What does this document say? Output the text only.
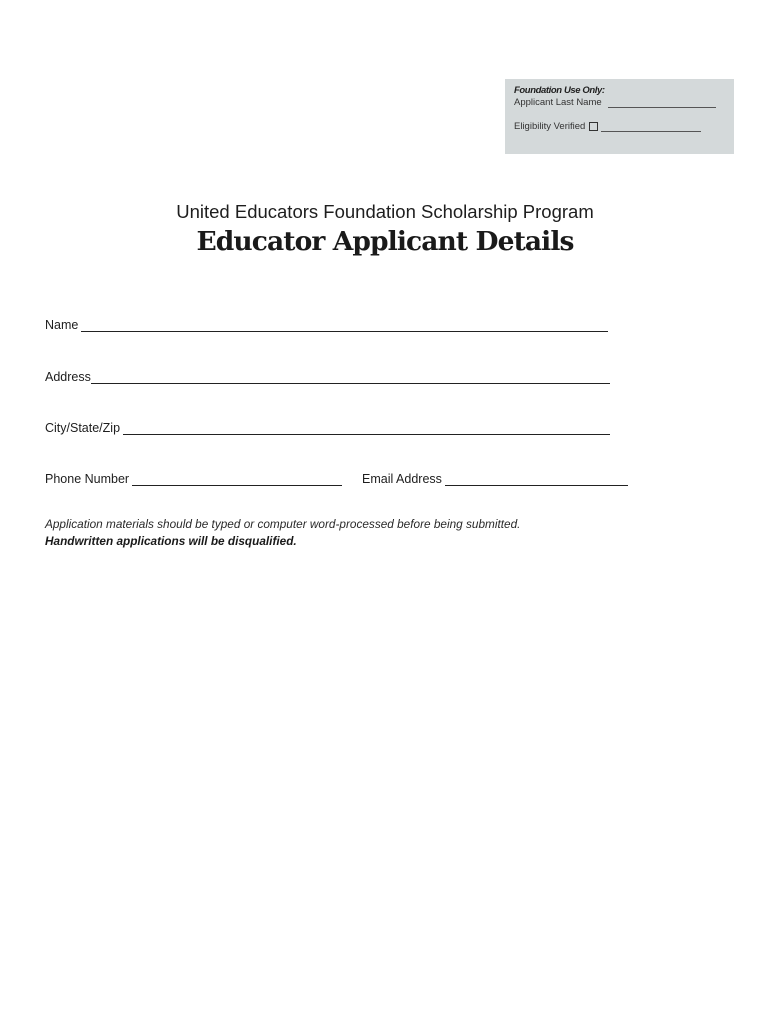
Foundation Use Only:
Applicant Last Name
Eligibility Verified
United Educators Foundation Scholarship Program
Educator Applicant Details
Name
Address
City/State/Zip
Phone Number	Email Address
Application materials should be typed or computer word-processed before being submitted.
Handwritten applications will be disqualified.
